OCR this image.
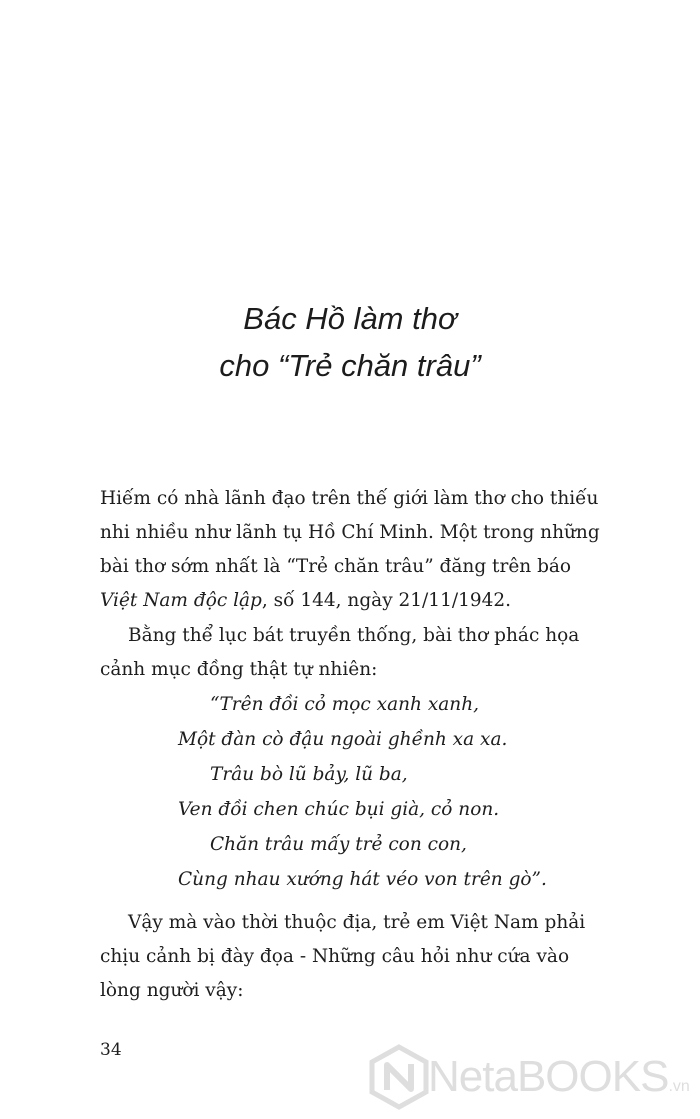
Bác Hồ làm thơ
cho “Trẻ chăn trâu”
Hiếm có nhà lãnh đạo trên thế giới làm thơ cho thiếu
nhi nhiều như lãnh tụ Hồ Chí Minh. Một trong những
bài thơ sớm nhất là “Trẻ chăn trâu” đăng trên báo
Việt Nam độc lập, số 144, ngày 21/11/1942.
Bằng thể lục bát truyền thống, bài thơ phác họa
cảnh mục đồng thật tự nhiên:
“Trên đồi cỏ mọc xanh xanh,
Một đàn cò đậu ngoài ghềnh xa xa.
Trâu bò lũ bảy, lũ ba,
Ven đồi chen chúc bụi già, cỏ non.
Chăn trâu mấy trẻ con con,
Cùng nhau xướng hát véo von trên gò”.
Vậy mà vào thời thuộc địa, trẻ em Việt Nam phải
chịu cảnh bị đày đọa - Những câu hỏi như cứa vào
lòng người vậy:
34
NetaBOOKS.vn
